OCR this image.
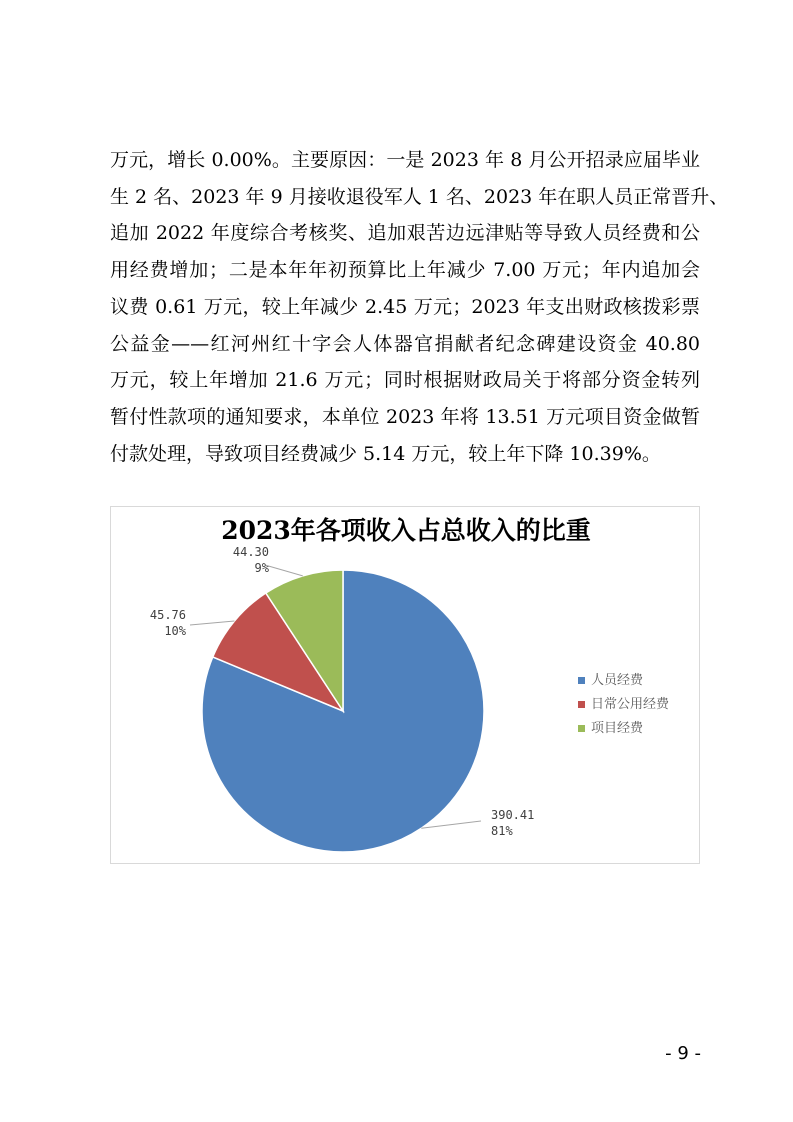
万元，增长 0.00%。主要原因：一是 2023 年 8 月公开招录应届毕业
生 2 名、2023 年 9 月接收退役军人 1 名、2023 年在职人员正常晋升、
追加 2022 年度综合考核奖、追加艰苦边远津贴等导致人员经费和公
用经费增加；二是本年年初预算比上年减少 7.00 万元；年内追加会
议费 0.61 万元，较上年减少 2.45 万元；2023 年支出财政核拨彩票
公益金——红河州红十字会人体器官捐献者纪念碑建设资金 40.80
万元，较上年增加 21.6 万元；同时根据财政局关于将部分资金转列
暂付性款项的通知要求，本单位 2023 年将 13.51 万元项目资金做暂
付款处理，导致项目经费减少 5.14 万元，较上年下降 10.39%。
2023年各项收入占总收入的比重
390.41
81%
45.76
10%
44.30
9%
人员经费
日常公用经费
项目经费
- 9 -
